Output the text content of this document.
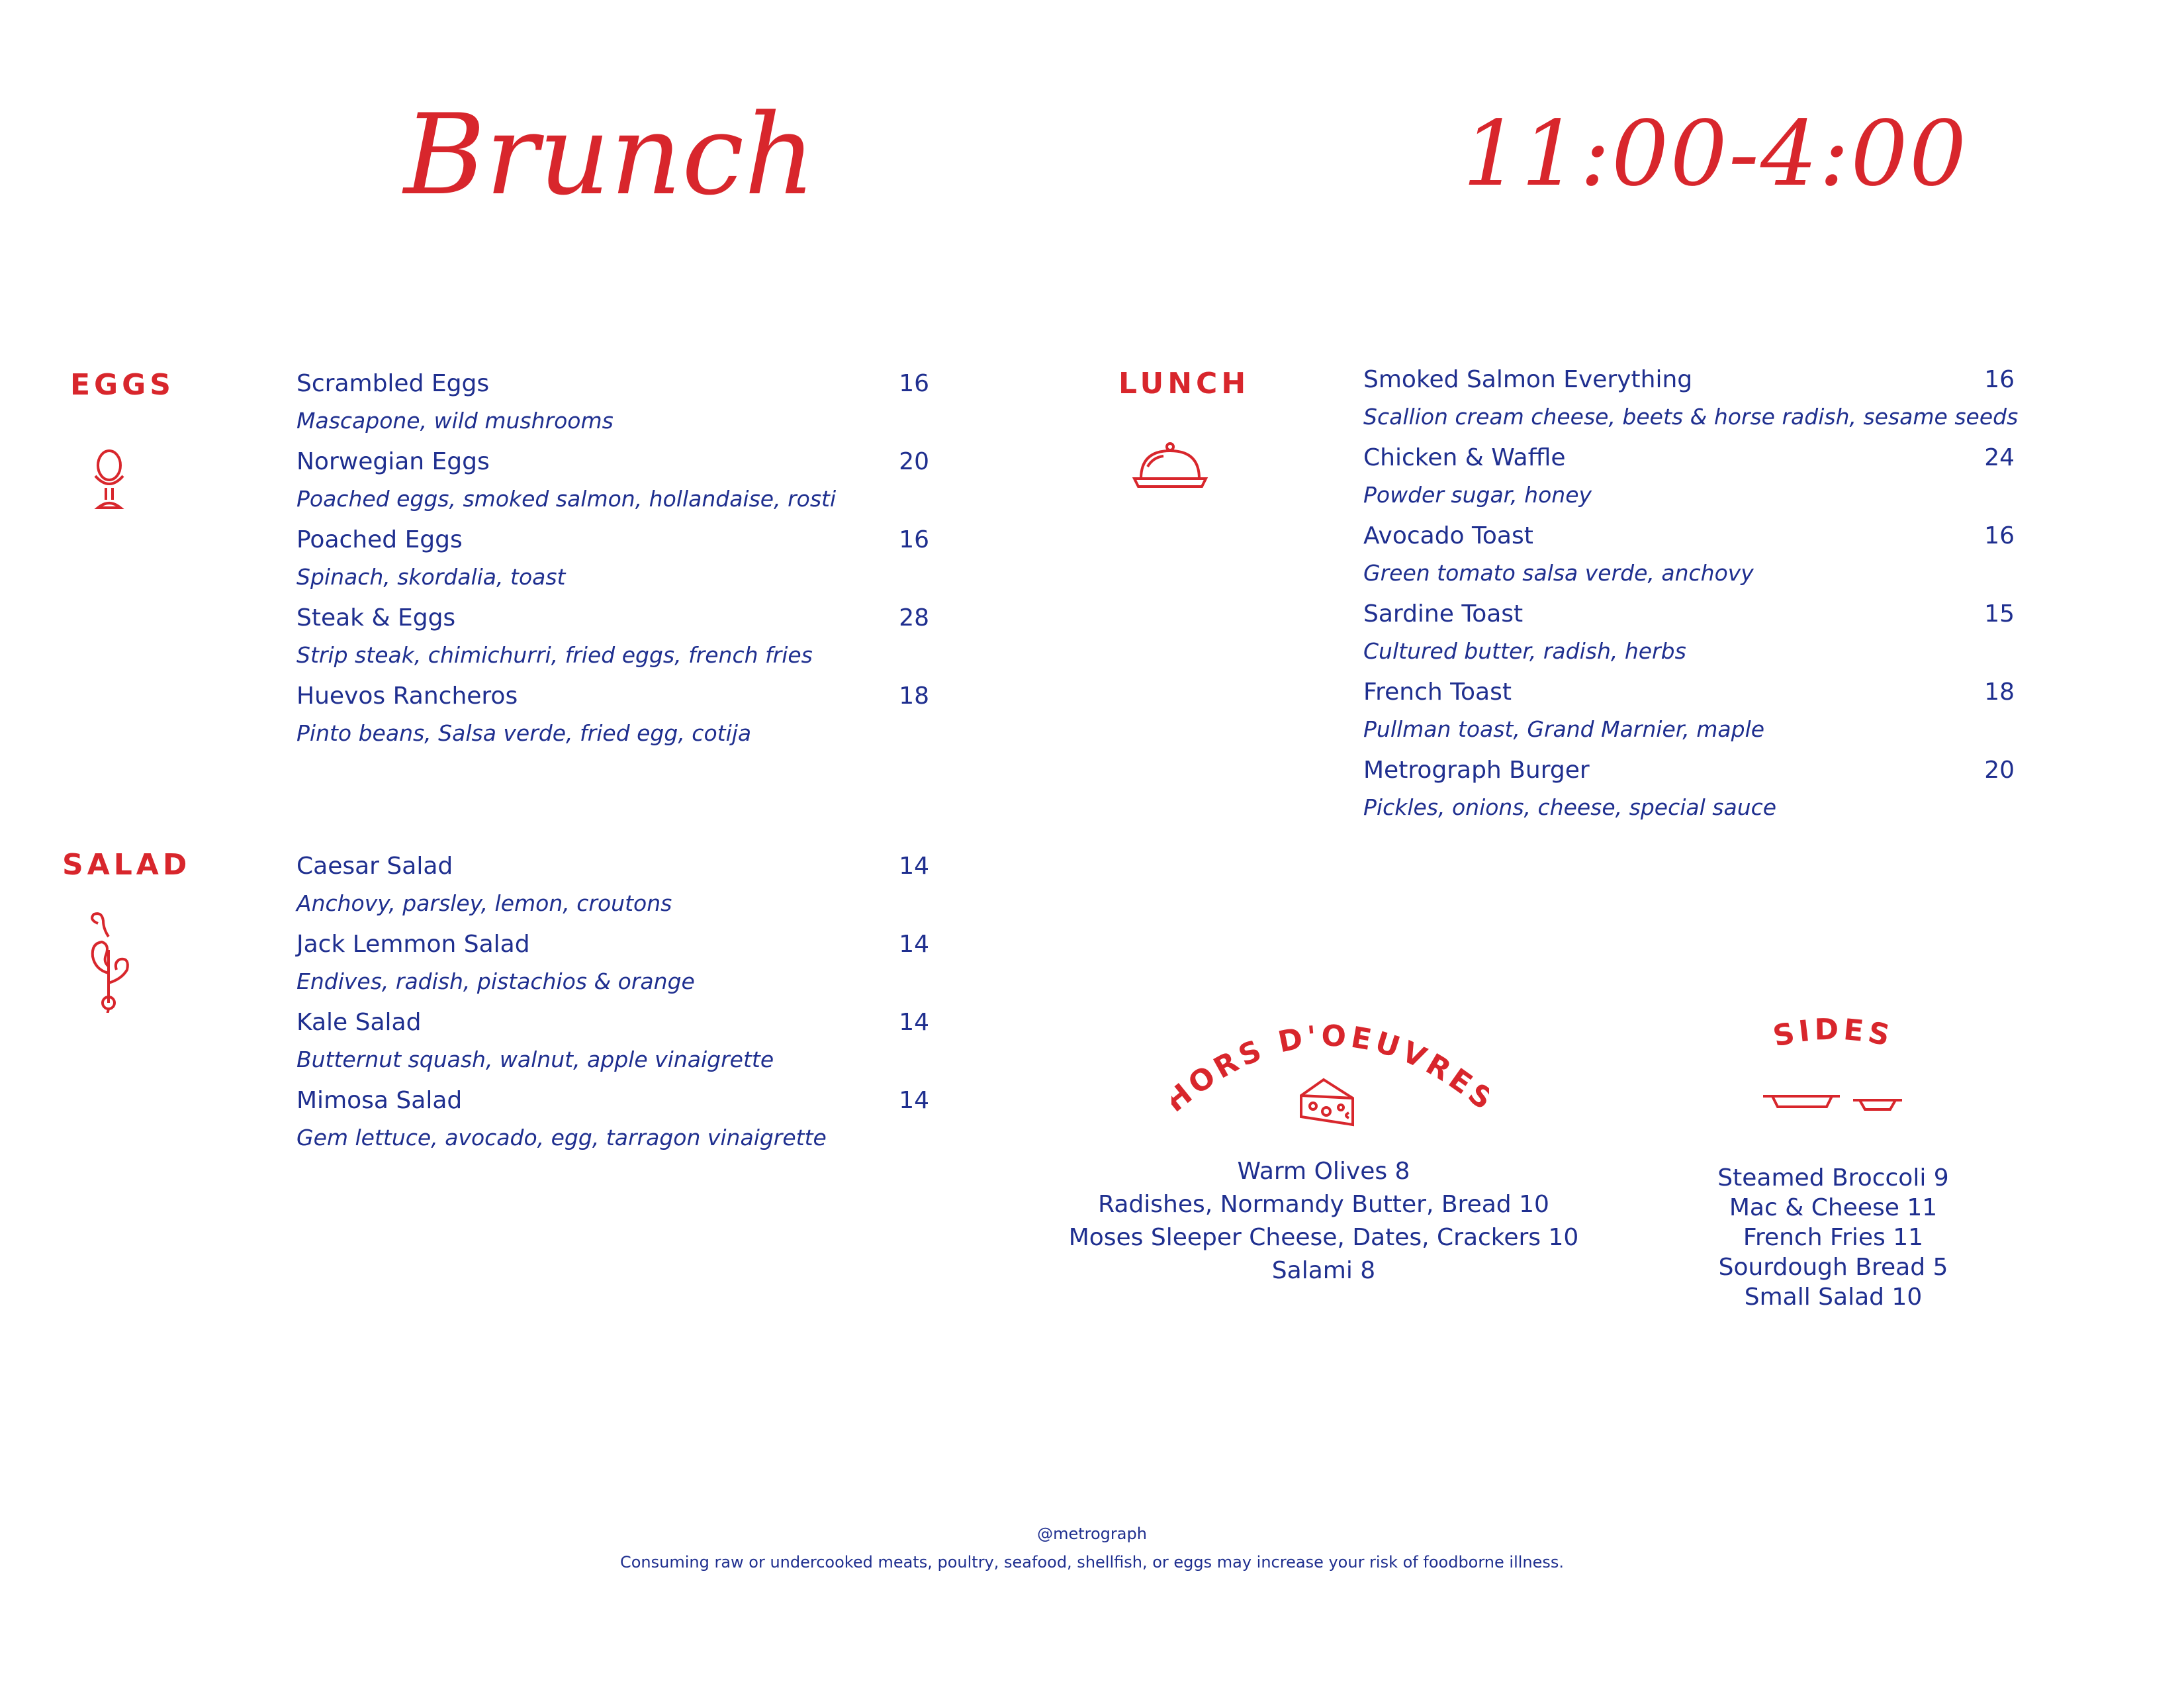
Brunch	11:00-4:00
EGGS	Scrambled Eggs	16
Mascapone, wild mushrooms
Norwegian Eggs	20
Poached eggs, smoked salmon, hollandaise, rosti
Poached Eggs	16
Spinach, skordalia, toast
Steak & Eggs	28
Strip steak, chimichurri, fried eggs, french fries
Huevos Rancheros	18
Pinto beans, Salsa verde, fried egg, cotija
SALAD	Caesar Salad	14
Anchovy, parsley, lemon, croutons
Jack Lemmon Salad	14
Endives, radish, pistachios & orange
Kale Salad	14
Butternut squash, walnut, apple vinaigrette
Mimosa Salad	14
Gem lettuce, avocado, egg, tarragon vinaigrette
LUNCH	Smoked Salmon Everything	16
Scallion cream cheese, beets & horse radish, sesame seeds
Chicken & Waffle	24
Powder sugar, honey
Avocado Toast	16
Green tomato salsa verde, anchovy
Sardine Toast	15
Cultured butter, radish, herbs
French Toast	18
Pullman toast, Grand Marnier, maple
Metrograph Burger	20
Pickles, onions, cheese, special sauce
ORS D'OEUVRE
Warm Olives 8
Radishes, Normandy Butter, Bread 10
Moses Sleeper Cheese, Dates, Crackers 10
Salami 8
SIDES
Steamed Broccoli 9
Mac & Cheese 11
French Fries 11
Sourdough Bread 5
Small Salad 10
@metrograph
Consuming raw or undercooked meats, poultry, seafood, shellfish, or eggs may increase your risk of foodborne illness.
